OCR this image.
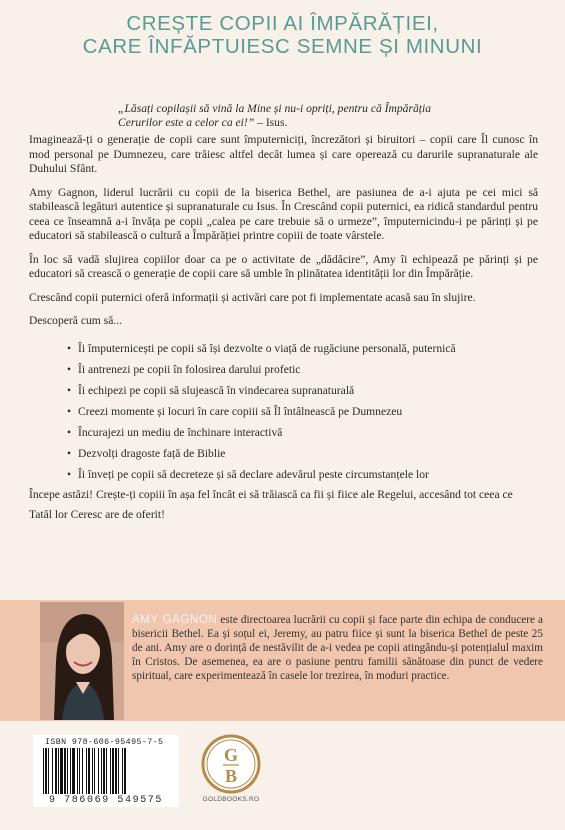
CREȘTE COPII AI ÎMPĂRĂȚIEI,
CARE ÎNFĂPTUIESC SEMNE ȘI MINUNI
„Lăsați copilașii să vină la Mine și nu-i opriți, pentru că Împărăția Cerurilor este a celor ca ei!” – Isus.

Imaginează-ți o generație de copii care sunt împuterniciți, încrezători și biruitori – copii care Îl cunosc în mod personal pe Dumnezeu, care trăiesc altfel decât lumea și care operează cu darurile supranaturale ale Duhului Sfânt.

Amy Gagnon, liderul lucrării cu copii de la biserica Bethel, are pasiunea de a-i ajuta pe cei mici să stabilească legături autentice și supranaturale cu Isus. În Crescând copii puternici, ea ridică standardul pentru ceea ce înseamnă a-i învăța pe copii „calea pe care trebuie să o urmeze”, împuternicindu-i pe părinți și pe educatori să stabilească o cultură a Împărăției printre copiii de toate vârstele.

În loc să vadă slujirea copiilor doar ca pe o activitate de „dădăcire”, Amy îi echipează pe părinți și pe educatori să crească o generație de copii care să umble în plinătatea identității lor din Împărăție.

Crescând copii puternici oferă informații și activări care pot fi implementate acasă sau în slujire.

Descoperă cum să...

• Îi împuternicești pe copii să își dezvolte o viață de rugăciune personală, puternică
• Îi antrenezi pe copii în folosirea darului profetic
• Îi echipezi pe copii să slujească în vindecarea supranaturală
• Creezi momente și locuri în care copiii să Îl întâlnească pe Dumnezeu
• Încurajezi un mediu de închinare interactivă
• Dezvolți dragoste față de Biblie
• Îi înveți pe copii să decreteze și să declare adevărul peste circumstanțele lor

Începe astăzi! Crește-ți copiii în așa fel încât ei să trăiască ca fii și fiice ale Regelui, accesând tot ceea ce Tatăl lor Ceresc are de oferit!

AMY GAGNON este directoarea lucrării cu copii și face parte din echipa de conducere a bisericii Bethel. Ea și soțul ei, Jeremy, au patru fiice și sunt la biserica Bethel de peste 25 de ani. Amy are o dorință de nestăvilit de a-i vedea pe copii atingându-și potențialul maxim în Cristos. De asemenea, ea are o pasiune pentru familii sănătoase din punct de vedere spiritual, care experimentează în casele lor trezirea, în moduri practice.
ISBN 978-606-95495-7-5
9 786069 549575
G
B
GOLDBOOKS.RO
